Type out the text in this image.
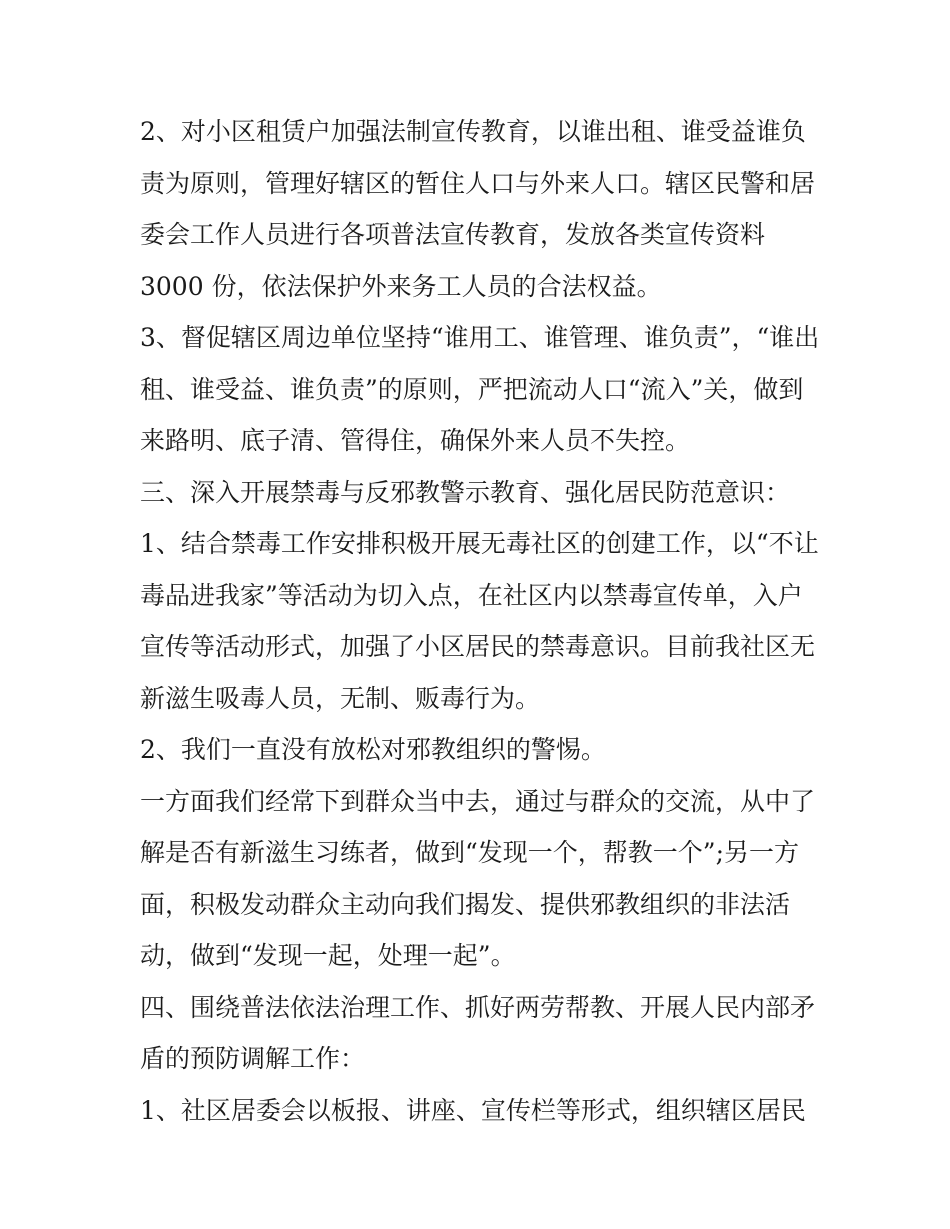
2、对小区租赁户加强法制宣传教育，以谁出租、谁受益谁负
责为原则，管理好辖区的暂住人口与外来人口。辖区民警和居
委会工作人员进行各项普法宣传教育，发放各类宣传资料
3000 份，依法保护外来务工人员的合法权益。
3、督促辖区周边单位坚持“谁用工、谁管理、谁负责”，“谁出
租、谁受益、谁负责”的原则，严把流动人口“流入”关，做到
来路明、底子清、管得住，确保外来人员不失控。
三、深入开展禁毒与反邪教警示教育、强化居民防范意识：
1、结合禁毒工作安排积极开展无毒社区的创建工作，以“不让
毒品进我家”等活动为切入点，在社区内以禁毒宣传单，入户
宣传等活动形式，加强了小区居民的禁毒意识。目前我社区无
新滋生吸毒人员，无制、贩毒行为。
2、我们一直没有放松对邪教组织的警惕。
一方面我们经常下到群众当中去，通过与群众的交流，从中了
解是否有新滋生习练者，做到“发现一个，帮教一个”;另一方
面，积极发动群众主动向我们揭发、提供邪教组织的非法活
动，做到“发现一起，处理一起”。
四、围绕普法依法治理工作、抓好两劳帮教、开展人民内部矛
盾的预防调解工作：
1、社区居委会以板报、讲座、宣传栏等形式，组织辖区居民
